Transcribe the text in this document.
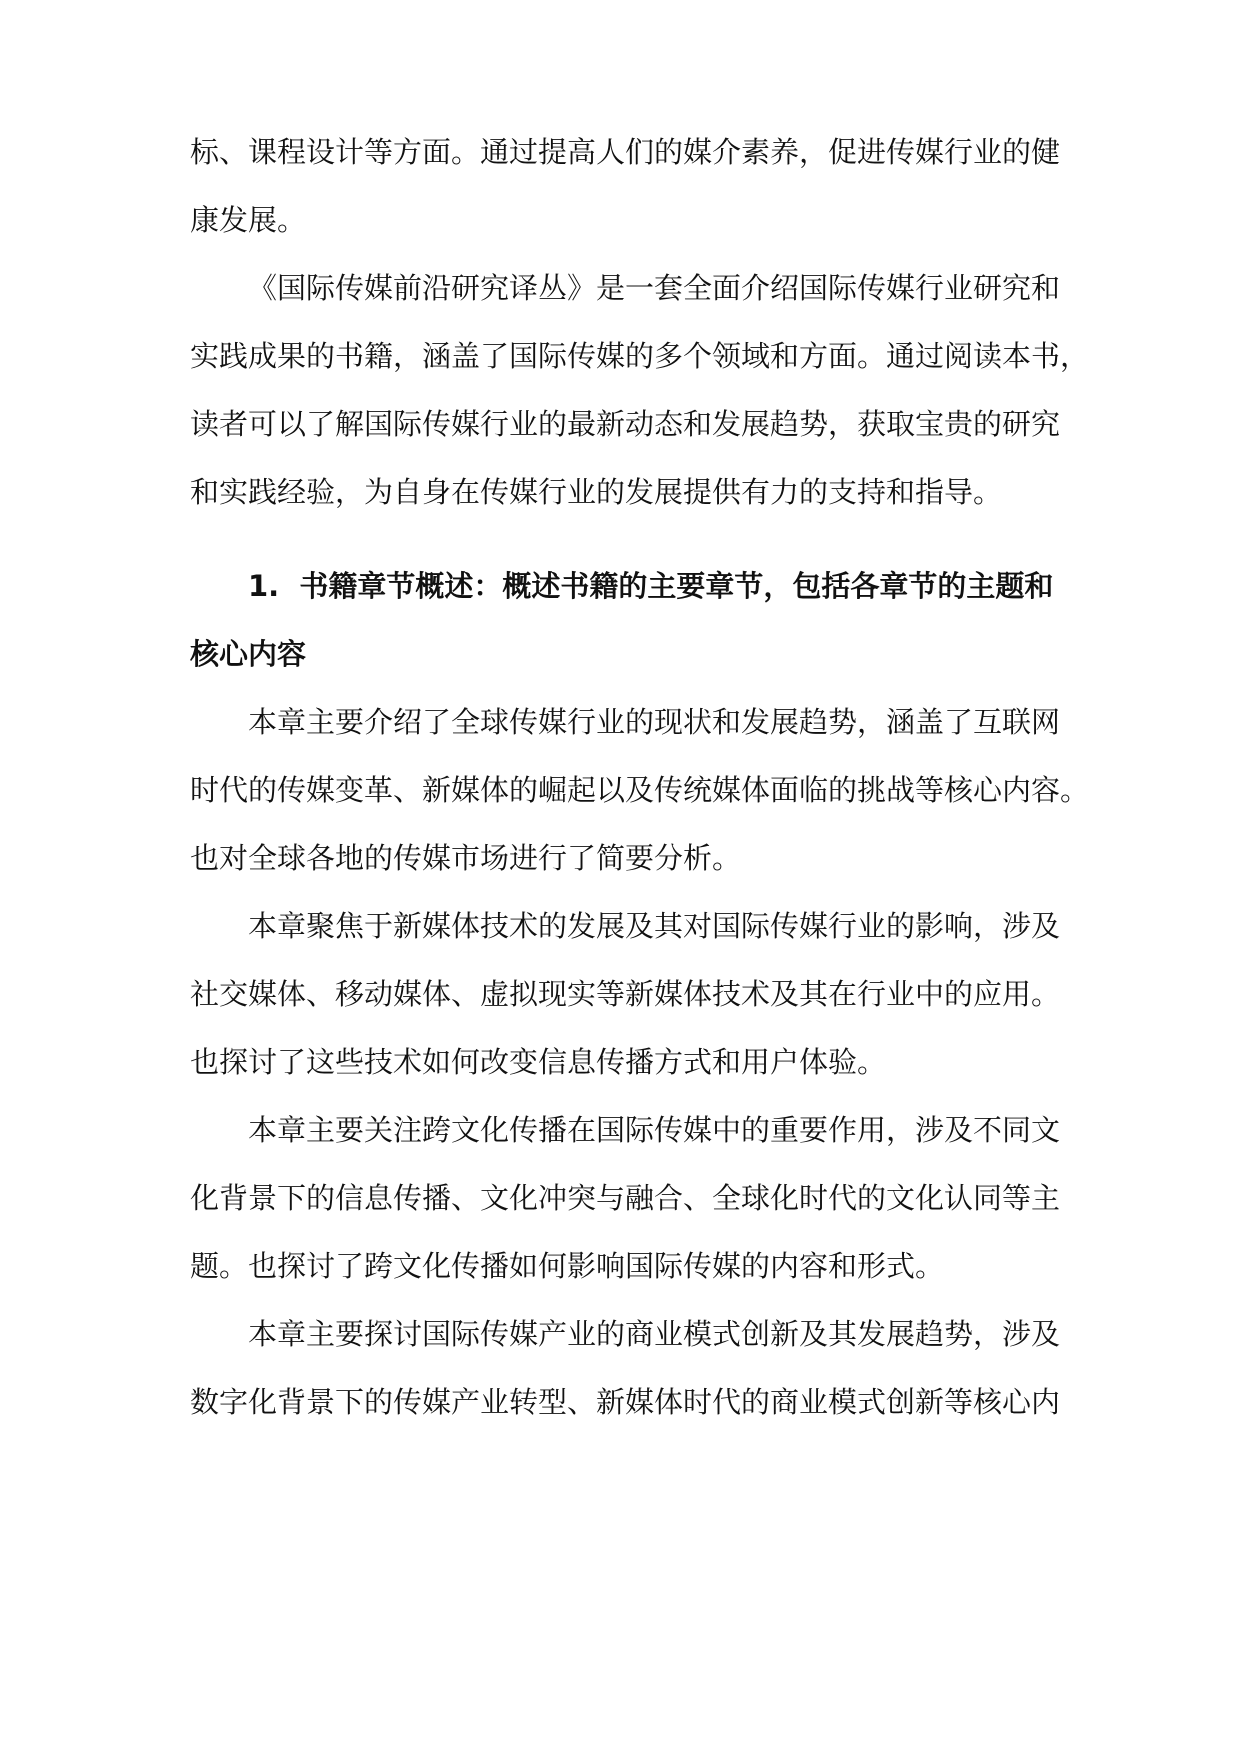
标、课程设计等方面。通过提高人们的媒介素养，促进传媒行业的健

康发展。

《国际传媒前沿研究译丛》是一套全面介绍国际传媒行业研究和

实践成果的书籍，涵盖了国际传媒的多个领域和方面。通过阅读本书，

读者可以了解国际传媒行业的最新动态和发展趋势，获取宝贵的研究

和实践经验，为自身在传媒行业的发展提供有力的支持和指导。

1. 书籍章节概述：概述书籍的主要章节，包括各章节的主题和

核心内容

本章主要介绍了全球传媒行业的现状和发展趋势，涵盖了互联网

时代的传媒变革、新媒体的崛起以及传统媒体面临的挑战等核心内容。

也对全球各地的传媒市场进行了简要分析。

本章聚焦于新媒体技术的发展及其对国际传媒行业的影响，涉及

社交媒体、移动媒体、虚拟现实等新媒体技术及其在行业中的应用。

也探讨了这些技术如何改变信息传播方式和用户体验。

本章主要关注跨文化传播在国际传媒中的重要作用，涉及不同文

化背景下的信息传播、文化冲突与融合、全球化时代的文化认同等主

题。也探讨了跨文化传播如何影响国际传媒的内容和形式。

本章主要探讨国际传媒产业的商业模式创新及其发展趋势，涉及

数字化背景下的传媒产业转型、新媒体时代的商业模式创新等核心内
